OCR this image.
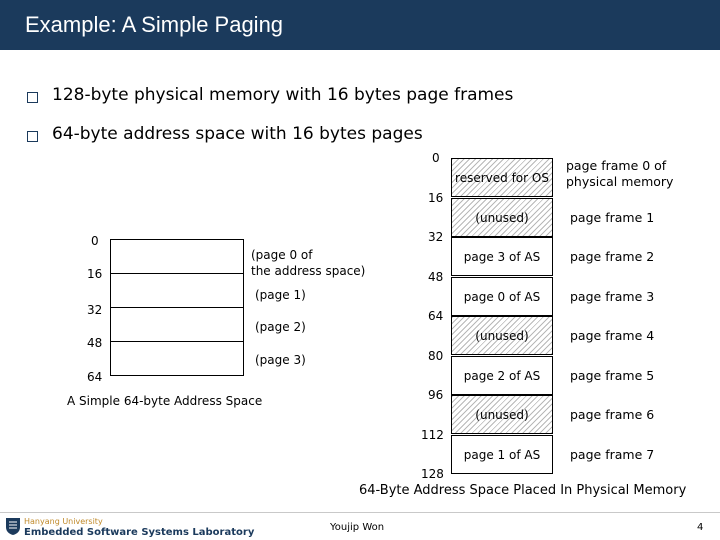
Example: A Simple Paging
128-byte physical memory with 16 bytes page frames
64-byte address space with 16 bytes pages
0
16
32
48
64
(page 0 of
the address space)
(page 1)
(page 2)
(page 3)
A Simple 64-byte Address Space
0
16
32
48
64
80
96
112
128
reserved for OS
page frame 0 of
physical memory
(unused)	page frame 1
page 3 of AS	page frame 2
page 0 of AS	page frame 3
(unused)	page frame 4
page 2 of AS	page frame 5
(unused)	page frame 6
page 1 of AS	page frame 7
64-Byte Address Space Placed In Physical Memory
Hanyang University
Embedded Software Systems Laboratory	Youjip Won	4
